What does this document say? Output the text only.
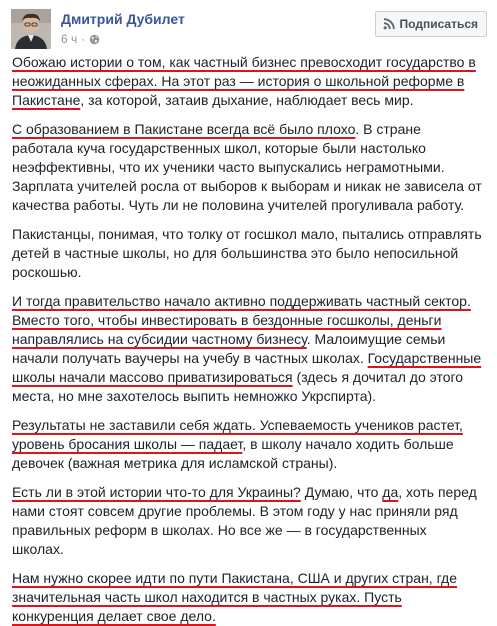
Дмитрий Дубилет
6 ч ·
Подписаться

Обожаю истории о том, как частный бизнес превосходит государство в неожиданных сферах. На этот раз — история о школьной реформе в Пакистане, за которой, затаив дыхание, наблюдает весь мир.

С образованием в Пакистане всегда всё было плохо. В стране работала куча государственных школ, которые были настолько неэффективны, что их ученики часто выпускались неграмотными. Зарплата учителей росла от выборов к выборам и никак не зависела от качества работы. Чуть ли не половина учителей прогуливала работу.

Пакистанцы, понимая, что толку от госшкол мало, пытались отправлять детей в частные школы, но для большинства это было непосильной роскошью.

И тогда правительство начало активно поддерживать частный сектор. Вместо того, чтобы инвестировать в бездонные госшколы, деньги направлялись на субсидии частному бизнесу. Малоимущие семьи начали получать ваучеры на учебу в частных школах. Государственные школы начали массово приватизироваться (здесь я дочитал до этого места, но мне захотелось выпить немножко Укрспирта).

Результаты не заставили себя ждать. Успеваемость учеников растет, уровень бросания школы — падает, в школу начало ходить больше девочек (важная метрика для исламской страны).

Есть ли в этой истории что-то для Украины? Думаю, что да, хоть перед нами стоят совсем другие проблемы. В этом году у нас приняли ряд правильных реформ в школах. Но все же — в государственных школах.

Нам нужно скорее идти по пути Пакистана, США и других стран, где значительная часть школ находится в частных руках. Пусть конкуренция делает свое дело.
